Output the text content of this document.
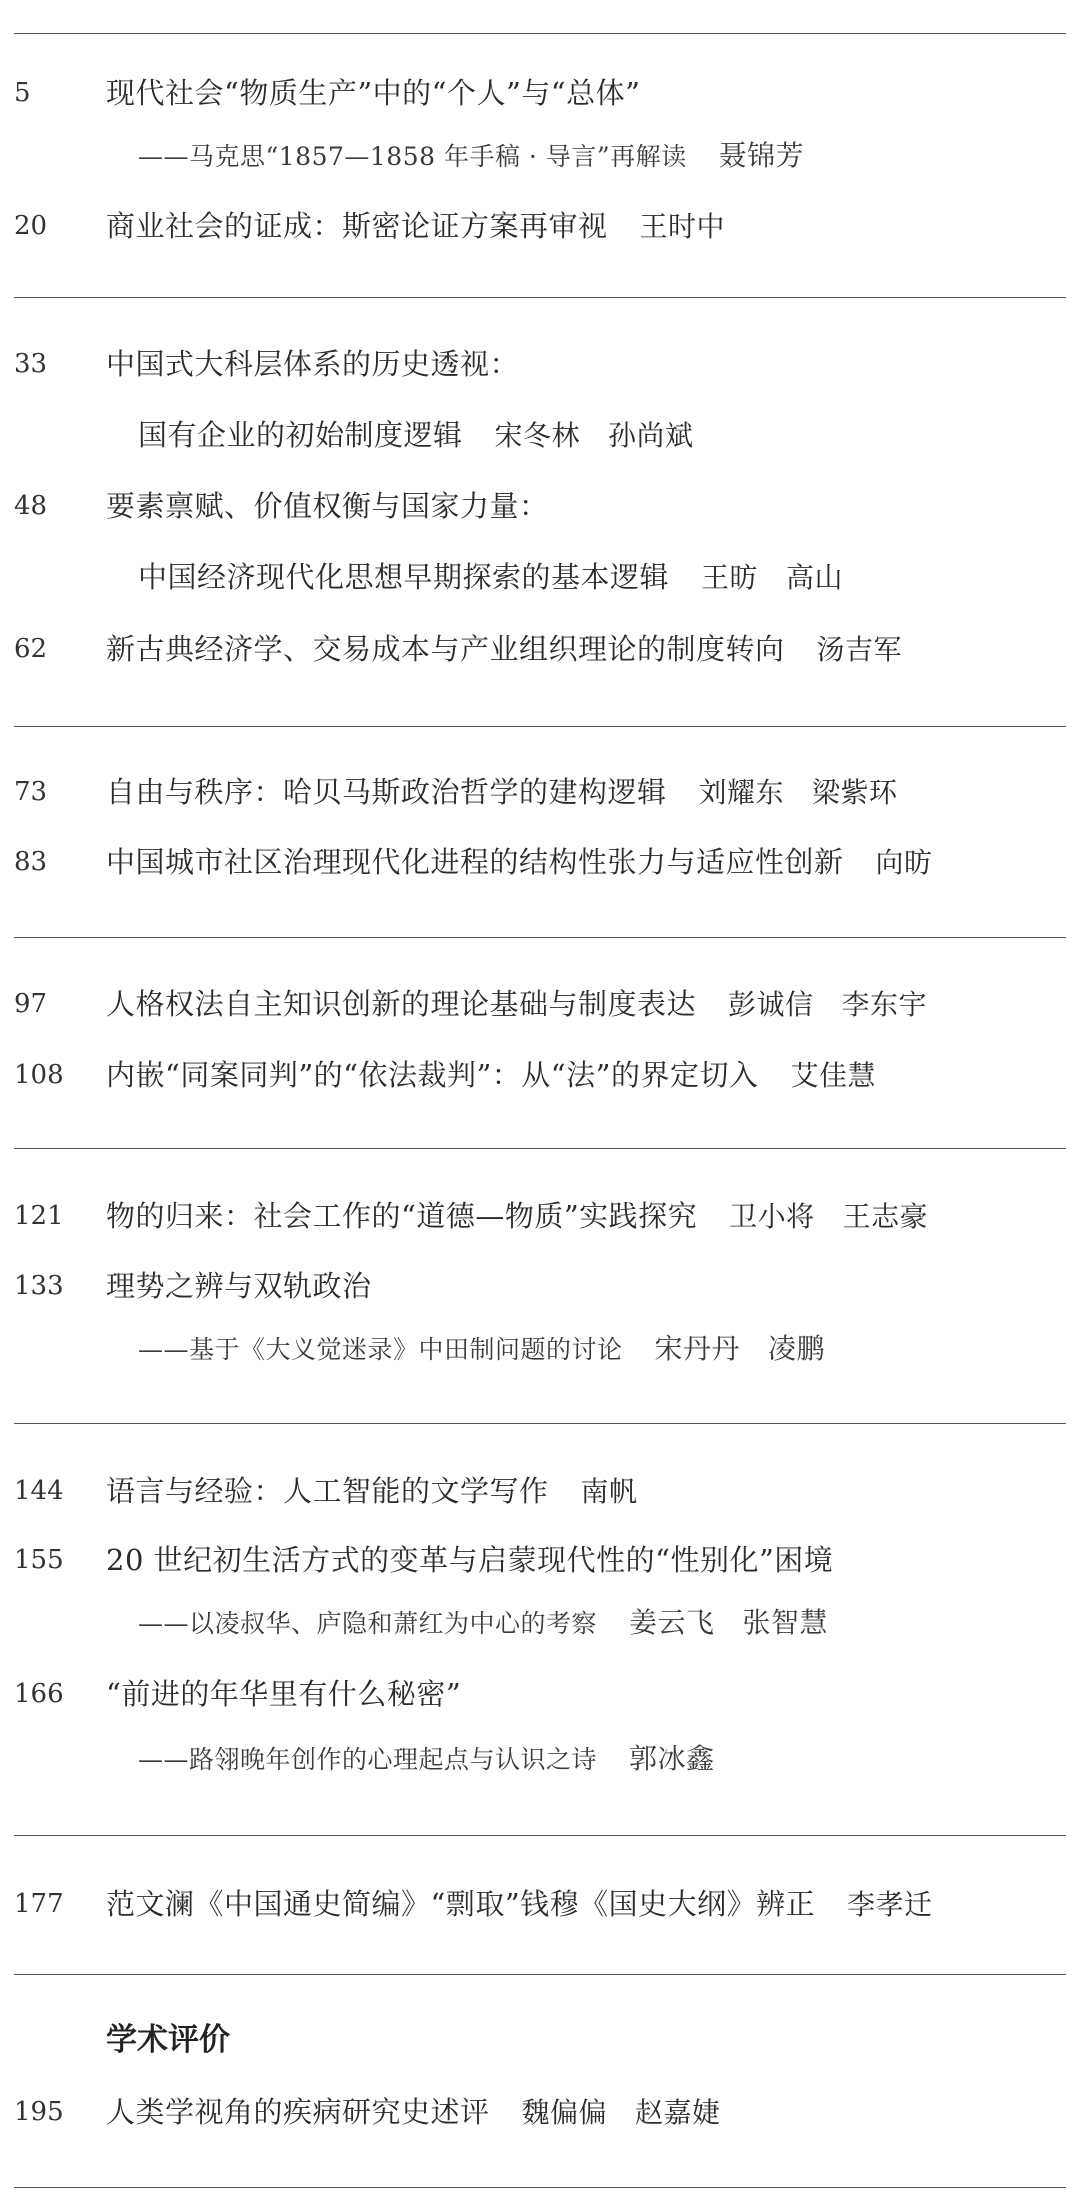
5	现代社会“物质生产”中的“个人”与“总体”
——马克思“1857—1858 年手稿 · 导言”再解读 聂锦芳
20 商业社会的证成：斯密论证方案再审视 王时中
33 中国式大科层体系的历史透视：
国有企业的初始制度逻辑 宋冬林 孙尚斌
48 要素禀赋、价值权衡与国家力量：
中国经济现代化思想早期探索的基本逻辑 王昉 高山
62 新古典经济学、交易成本与产业组织理论的制度转向 汤吉军
73 自由与秩序：哈贝马斯政治哲学的建构逻辑 刘耀东 梁紫环
83 中国城市社区治理现代化进程的结构性张力与适应性创新 向昉
97 人格权法自主知识创新的理论基础与制度表达 彭诚信 李东宇
108 内嵌“同案同判”的“依法裁判”：从“法”的界定切入 艾佳慧
121 物的归来：社会工作的“道德—物质”实践探究 卫小将 王志豪
133 理势之辨与双轨政治
——基于《大义觉迷录》中田制问题的讨论 宋丹丹 凌鹏
144 语言与经验：人工智能的文学写作 南帆
155 20 世纪初生活方式的变革与启蒙现代性的“性别化”困境
——以凌叔华、庐隐和萧红为中心的考察 姜云飞 张智慧
166 “前进的年华里有什么秘密”
——路翎晚年创作的心理起点与认识之诗 郭冰鑫
177 范文澜《中国通史简编》“剽取”钱穆《国史大纲》辨正 李孝迁
学术评价
195 人类学视角的疾病研究史述评 魏偏偏 赵嘉婕
